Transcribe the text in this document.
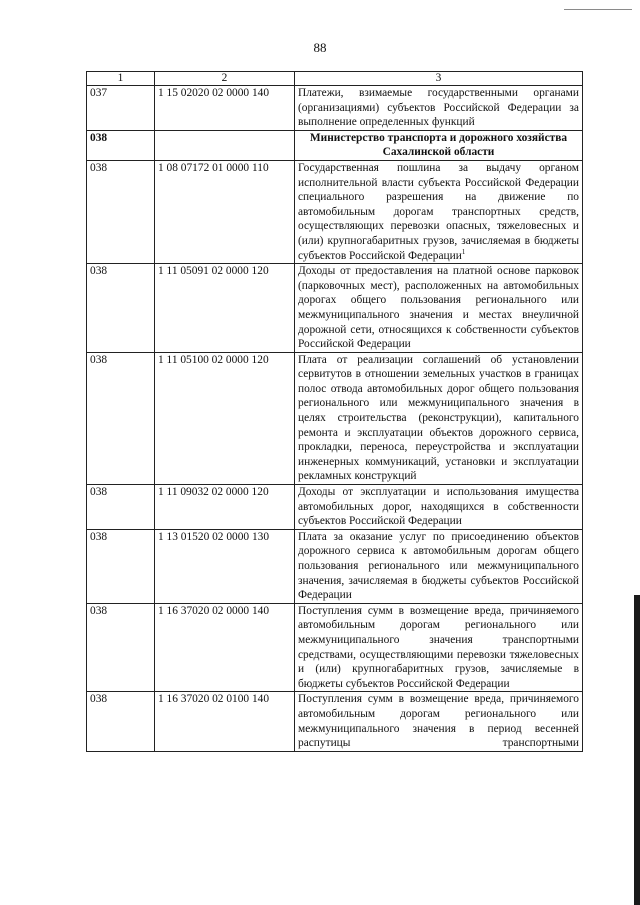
88
1	2	3
037	1 15 02020 02 0000 140	Платежи, взимаемые государственными органами (организациями) субъектов Российской Федерации за выполнение определенных функций
038		Министерство транспорта и дорожного хозяйства Сахалинской области
038	1 08 07172 01 0000 110	Государственная пошлина за выдачу органом исполнительной власти субъекта Российской Федерации специального разрешения на движение по автомобильным дорогам транспортных средств, осуществляющих перевозки опасных, тяжеловесных и (или) крупногабаритных грузов, зачисляемая в бюджеты субъектов Российской Федерации$^1$
038	1 11 05091 02 0000 120	Доходы от предоставления на платной основе парковок (парковочных мест), расположенных на автомобильных дорогах общего пользования регионального или межмуниципального значения и местах внеуличной дорожной сети, относящихся к собственности субъектов Российской Федерации
038	1 11 05100 02 0000 120	Плата от реализации соглашений об установлении сервитутов в отношении земельных участков в границах полос отвода автомобильных дорог общего пользования регионального или межмуниципального значения в целях строительства (реконструкции), капитального ремонта и эксплуатации объектов дорожного сервиса, прокладки, переноса, переустройства и эксплуатации инженерных коммуникаций, установки и эксплуатации рекламных конструкций
038	1 11 09032 02 0000 120	Доходы от эксплуатации и использования имущества автомобильных дорог, находящихся в собственности субъектов Российской Федерации
038	1 13 01520 02 0000 130	Плата за оказание услуг по присоединению объектов дорожного сервиса к автомобильным дорогам общего пользования регионального или межмуниципального значения, зачисляемая в бюджеты субъектов Российской Федерации
038	1 16 37020 02 0000 140	Поступления сумм в возмещение вреда, причиняемого автомобильным дорогам регионального или межмуниципального значения транспортными средствами, осуществляющими перевозки тяжеловесных и (или) крупногабаритных грузов, зачисляемые в бюджеты субъектов Российской Федерации
038	1 16 37020 02 0100 140	Поступления сумм в возмещение вреда, причиняемого автомобильным дорогам регионального или межмуниципального значения в период весенней распутицы транспортными
